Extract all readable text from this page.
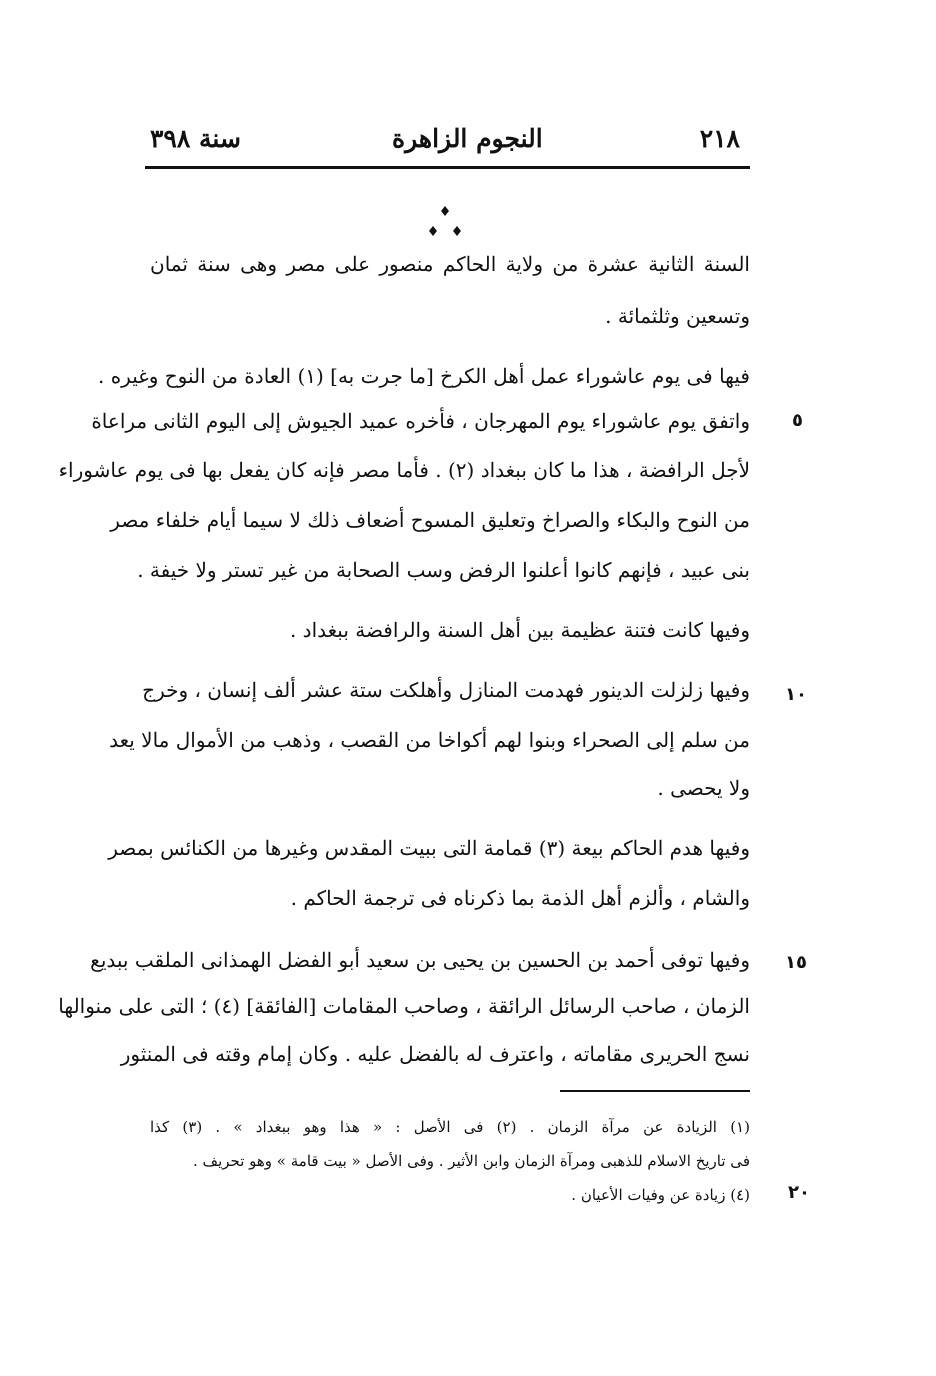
٢١٨
النجوم الزاهرة
سنة ٣٩٨
السنة الثانية عشرة من ولاية الحاكم منصور على مصر وهى سنة ثمان
وتسعين وثلثمائة .
فيها فى يوم عاشوراء عمل أهل الكرخ [ما جرت به] (١) العادة من النوح وغيره .
واتفق يوم عاشوراء يوم المهرجان ، فأخره عميد الجيوش إلى اليوم الثانى مراعاة
لأجل الرافضة ، هذا ما كان ببغداد (٢) . فأما مصر فإنه كان يفعل بها فى يوم عاشوراء
من النوح والبكاء والصراخ وتعليق المسوح أضعاف ذلك لا سيما أيام خلفاء مصر
بنى عبيد ، فإنهم كانوا أعلنوا الرفض وسب الصحابة من غير تستر ولا خيفة .
وفيها كانت فتنة عظيمة بين أهل السنة والرافضة ببغداد .
وفيها زلزلت الدينور فهدمت المنازل وأهلكت ستة عشر ألف إنسان ، وخرج
من سلم إلى الصحراء وبنوا لهم أكواخا من القصب ، وذهب من الأموال مالا يعد
ولا يحصى .
وفيها هدم الحاكم بيعة (٣) قمامة التى ببيت المقدس وغيرها من الكنائس بمصر
والشام ، وألزم أهل الذمة بما ذكرناه فى ترجمة الحاكم .
وفيها توفى أحمد بن الحسين بن يحيى بن سعيد أبو الفضل الهمذانى الملقب ببديع
الزمان ، صاحب الرسائل الرائقة ، وصاحب المقامات [الفائقة] (٤) ؛ التى على منوالها
نسج الحريرى مقاماته ، واعترف له بالفضل عليه . وكان إمام وقته فى المنثور
٥
١٠
١٥
٢٠
(١) الزيادة عن مرآة الزمان . (٢) فى الأصل : « هذا وهو ببغداد » . (٣) كذا
فى تاريخ الاسلام للذهبى ومرآة الزمان وابن الأثير . وفى الأصل « بيت قامة » وهو تحريف .
(٤) زيادة عن وفيات الأعيان .
